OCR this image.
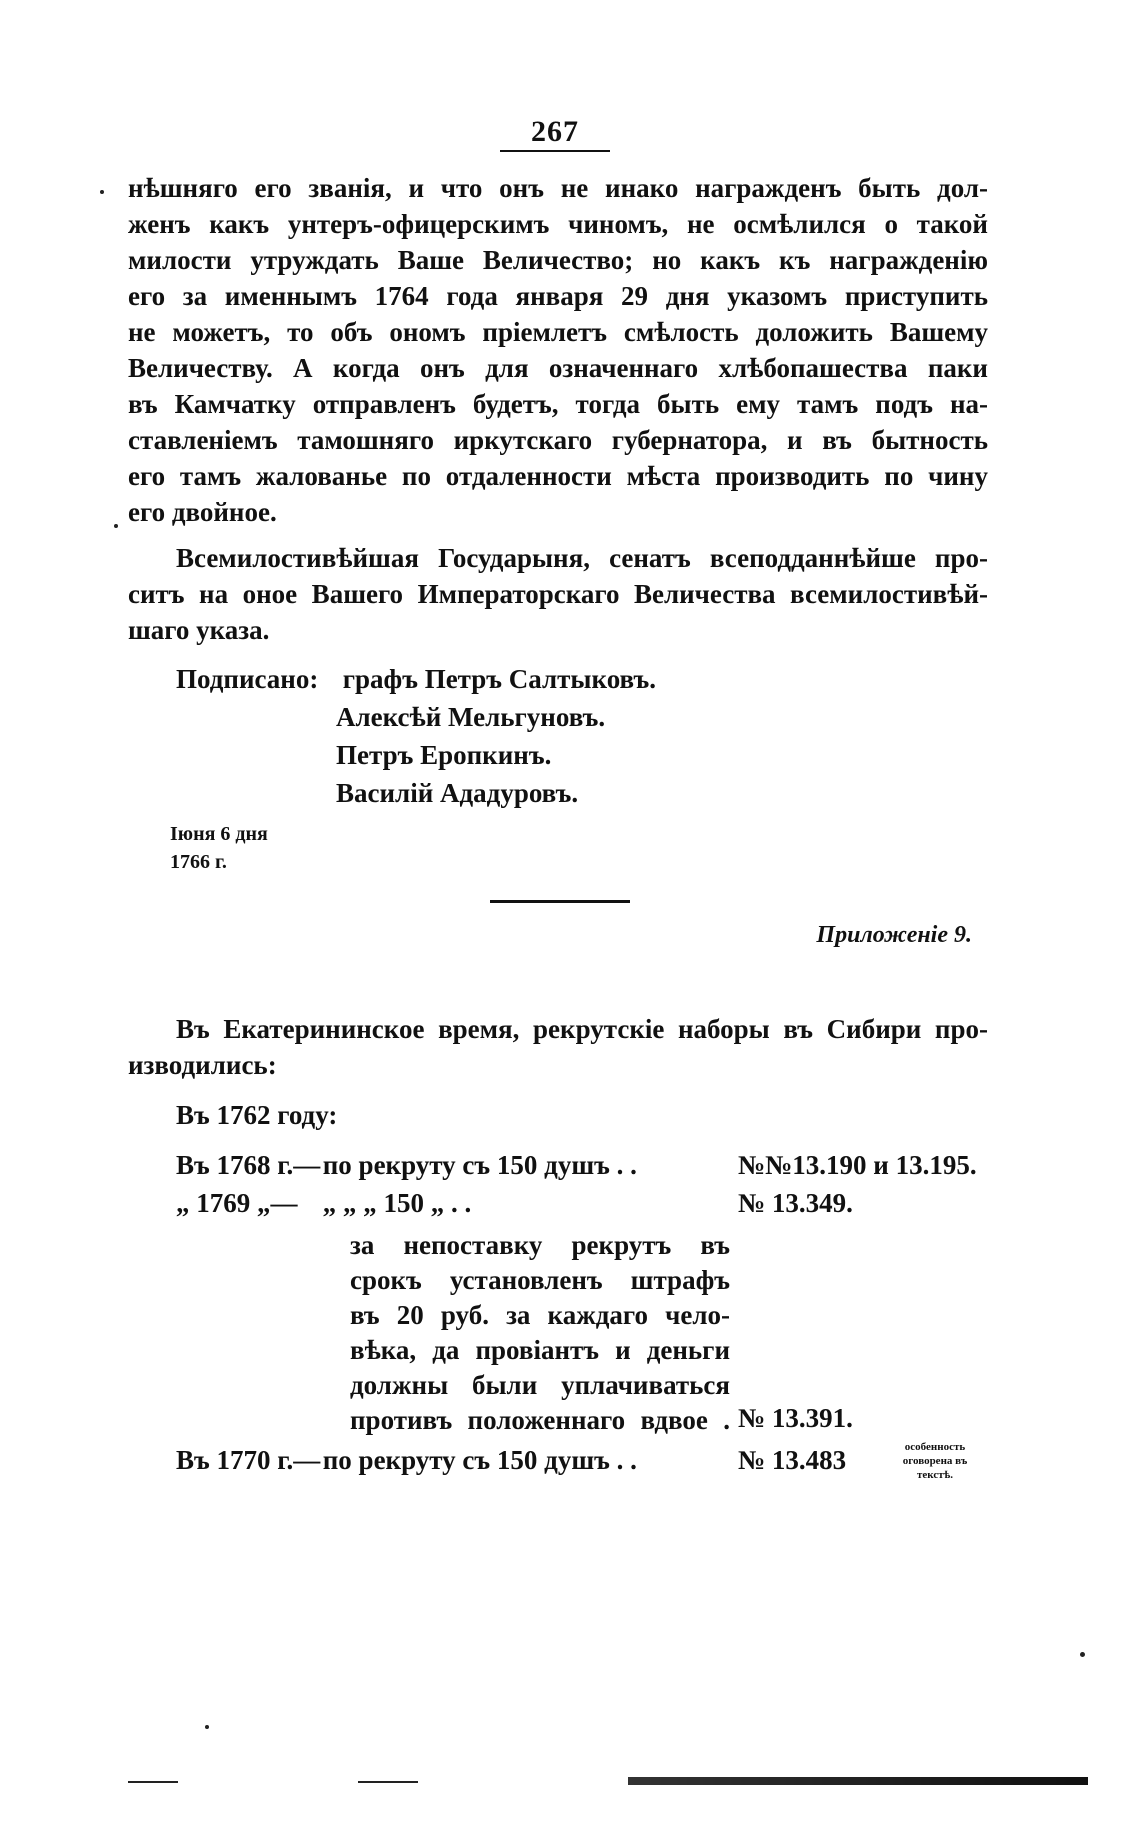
267
нѣшняго его званія, и что онъ не инако награжденъ быть дол-
женъ какъ унтеръ-офицерскимъ чиномъ, не осмѣлился о такой
милости утруждать Ваше Величество; но какъ къ награжденію
его за именнымъ 1764 года января 29 дня указомъ приступить
не можетъ, то объ ономъ пріемлетъ смѣлость доложить Вашему
Величеству. А когда онъ для означеннаго хлѣбопашества паки
въ Камчатку отправленъ будетъ, тогда быть ему тамъ подъ на-
ставленіемъ тамошняго иркутскаго губернатора, и въ бытность
его тамъ жалованье по отдаленности мѣста производить по чину
его двойное.
Всемилостивѣйшая Государыня, сенатъ всеподданнѣйше про-
ситъ на оное Вашего Императорскаго Величества всемилостивѣй-
шаго указа.
Подписано: графъ Петръ Салтыковъ.
Алексѣй Мельгуновъ.
Петръ Еропкинъ.
Василій Ададуровъ.
Іюня 6 дня
1766 г.
Приложеніе 9.
Въ Екатерининское время, рекрутскіе наборы въ Сибири про-
изводились:
Въ 1762 году:
Въ 1768 г.— по рекруту съ 150 душъ . .	№№13.190 и 13.195.
„ 1769 „— „ „ „ 150 „ . .	№ 13.349.
за непоставку рекрутъ въ
срокъ установленъ штрафъ
въ 20 руб. за каждаго чело-
вѣка, да провіантъ и деньги
должны были уплачиваться
противъ положеннаго вдвое . № 13.391.
Въ 1770 г.— по рекруту съ 150 душъ . .	№ 13.483	особенность
оговорена въ
текстѣ.
